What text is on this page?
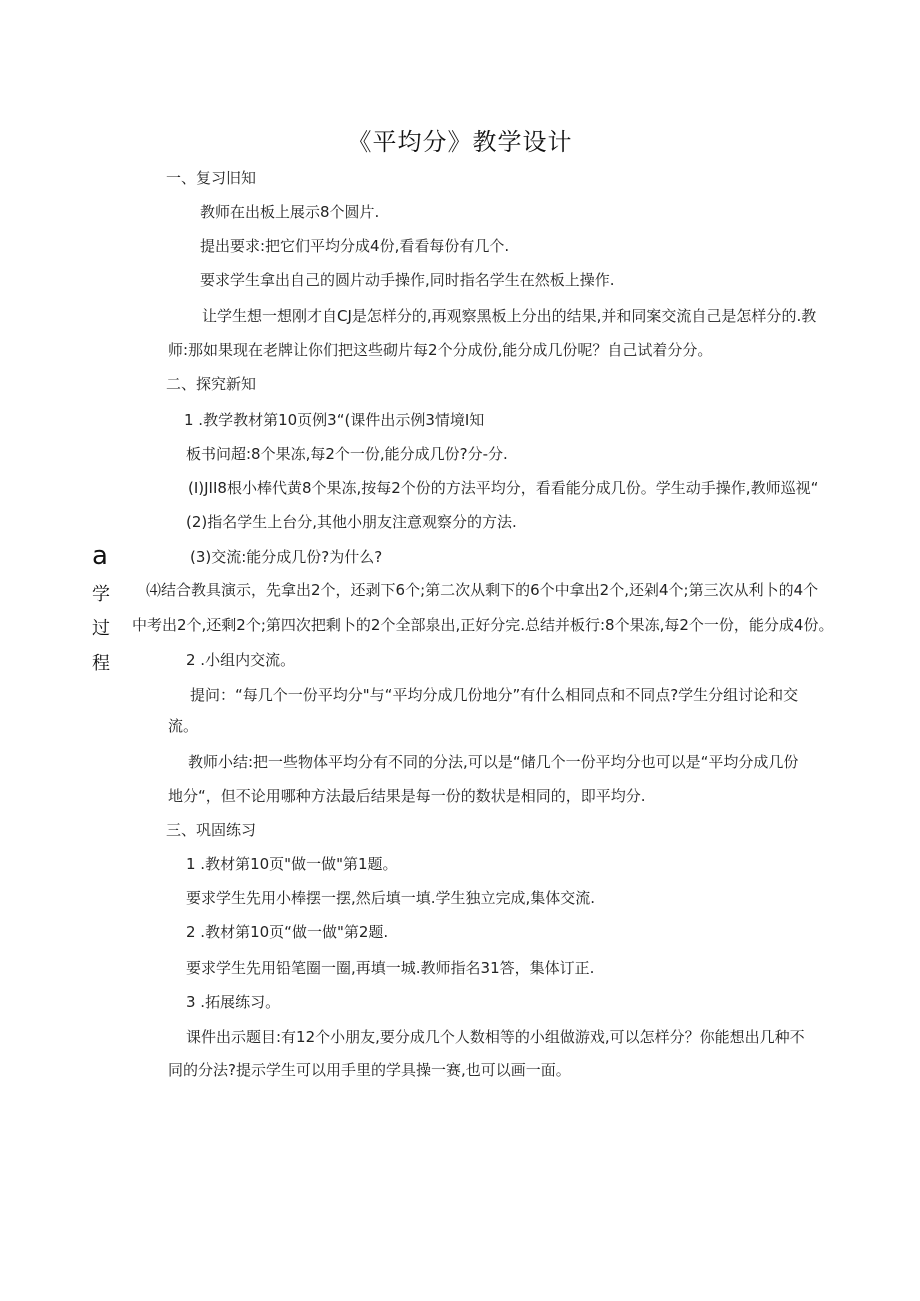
《平均分》教学设计
一、复习旧知
教师在出板上展示8个圆片.
提出要求:把它们平均分成4份,看看每份有几个.
要求学生拿出自己的圆片动手操作,同时指名学生在然板上操作.
让学生想一想刚才自CJ是怎样分的,再观察黑板上分出的结果,并和同案交流自己是怎样分的.教
师:那如果现在老牌让你们把这些砌片每2个分成份,能分成几份呢？自己试着分分。
二、探究新知
1 .教学教材第10页例3“(课件出示例3情境I知
板书问超:8个果冻,每2个一份,能分成几份?分-分.
(I)JII8根小棒代黄8个果冻,按每2个份的方法平均分，看看能分成几份。学生动手操作,教师巡视“
(2)指名学生上台分,其他小朋友注意观察分的方法.
(3)交流:能分成几份?为什么?
⑷结合教具演示，先拿出2个，还剥下6个;第二次从剩下的6个中拿出2个,还剁4个;第三次从利卜的4个
中考出2个,还剩2个;第四次把剩卜的2个全部泉出,正好分完.总结并板行:8个果冻,每2个一份，能分成4份。
2 .小组内交流。
提问：“每几个一份平均分"与“平均分成几份地分”有什么相同点和不同点?学生分组讨论和交
流。
教师小结:把一些物体平均分有不同的分法,可以是“储几个一份平均分也可以是“平均分成几份
地分“，但不论用哪种方法最后结果是每一份的数状是相同的，即平均分.
a
学
过
程
三、巩固练习
1 .教材第10页"做一做"第1题。
要求学生先用小棒摆一摆,然后填一填.学生独立完成,集体交流.
2 .教材第10页“做一做"第2题.
要求学生先用铅笔圈一圈,再填一城.教师指名31答，集体订正.
3 .拓展练习。
课件出示题目:有12个小朋友,要分成几个人数相等的小组做游戏,可以怎样分？你能想出几种不
同的分法?提示学生可以用手里的学具操一赛,也可以画一面。
